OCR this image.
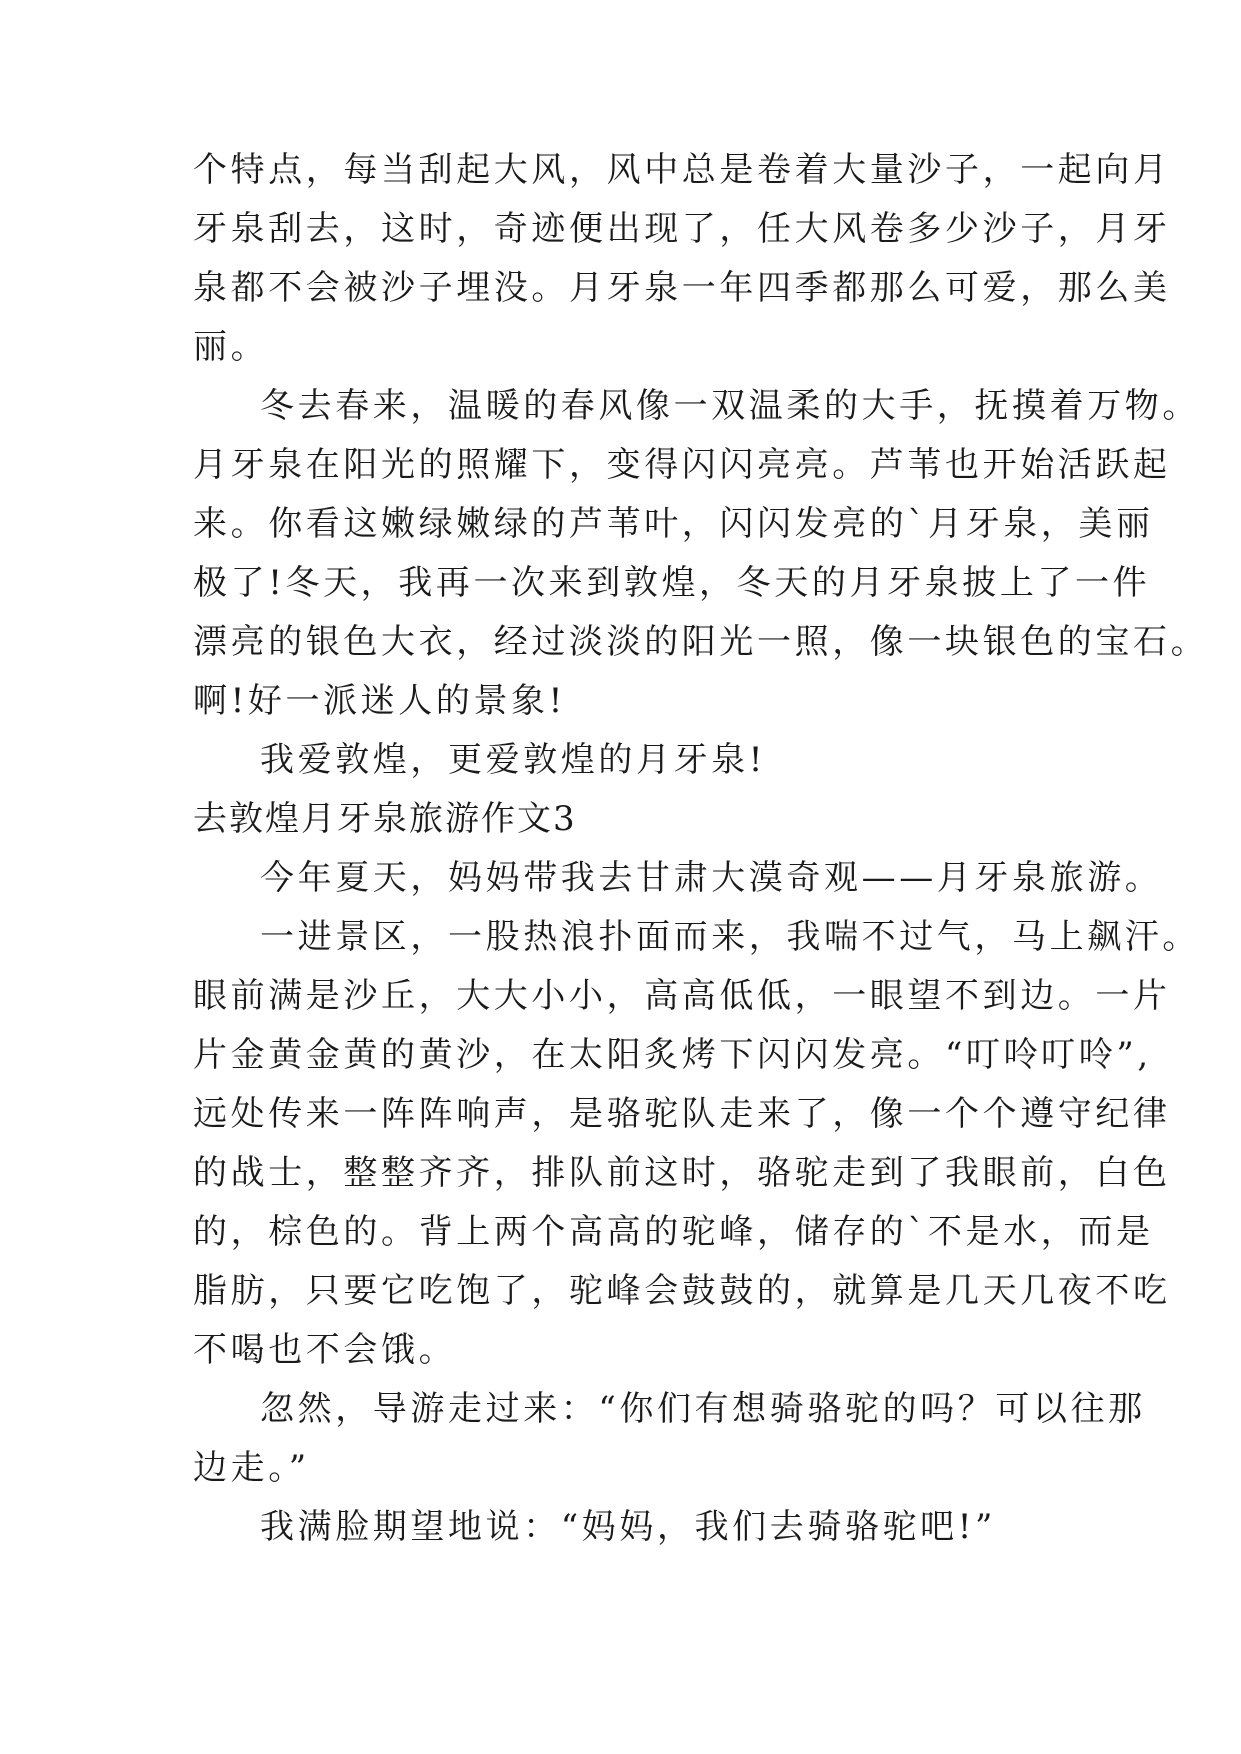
个特点，每当刮起大风，风中总是卷着大量沙子，一起向月
牙泉刮去，这时，奇迹便出现了，任大风卷多少沙子，月牙
泉都不会被沙子埋没。月牙泉一年四季都那么可爱，那么美
丽。
冬去春来，温暖的春风像一双温柔的大手，抚摸着万物。
月牙泉在阳光的照耀下，变得闪闪亮亮。芦苇也开始活跃起
来。你看这嫩绿嫩绿的芦苇叶，闪闪发亮的`月牙泉，美丽
极了!冬天，我再一次来到敦煌，冬天的月牙泉披上了一件
漂亮的银色大衣，经过淡淡的阳光一照，像一块银色的宝石。
啊!好一派迷人的景象!
我爱敦煌，更爱敦煌的月牙泉!
去敦煌月牙泉旅游作文3
今年夏天，妈妈带我去甘肃大漠奇观——月牙泉旅游。
一进景区，一股热浪扑面而来，我喘不过气，马上飙汗。
眼前满是沙丘，大大小小，高高低低，一眼望不到边。一片
片金黄金黄的黄沙，在太阳炙烤下闪闪发亮。“叮呤叮呤”,
远处传来一阵阵响声，是骆驼队走来了，像一个个遵守纪律
的战士，整整齐齐，排队前这时，骆驼走到了我眼前，白色
的，棕色的。背上两个高高的驼峰，储存的`不是水，而是
脂肪，只要它吃饱了，驼峰会鼓鼓的，就算是几天几夜不吃
不喝也不会饿。
忽然，导游走过来：“你们有想骑骆驼的吗？可以往那
边走。”
我满脸期望地说：“妈妈，我们去骑骆驼吧!”
